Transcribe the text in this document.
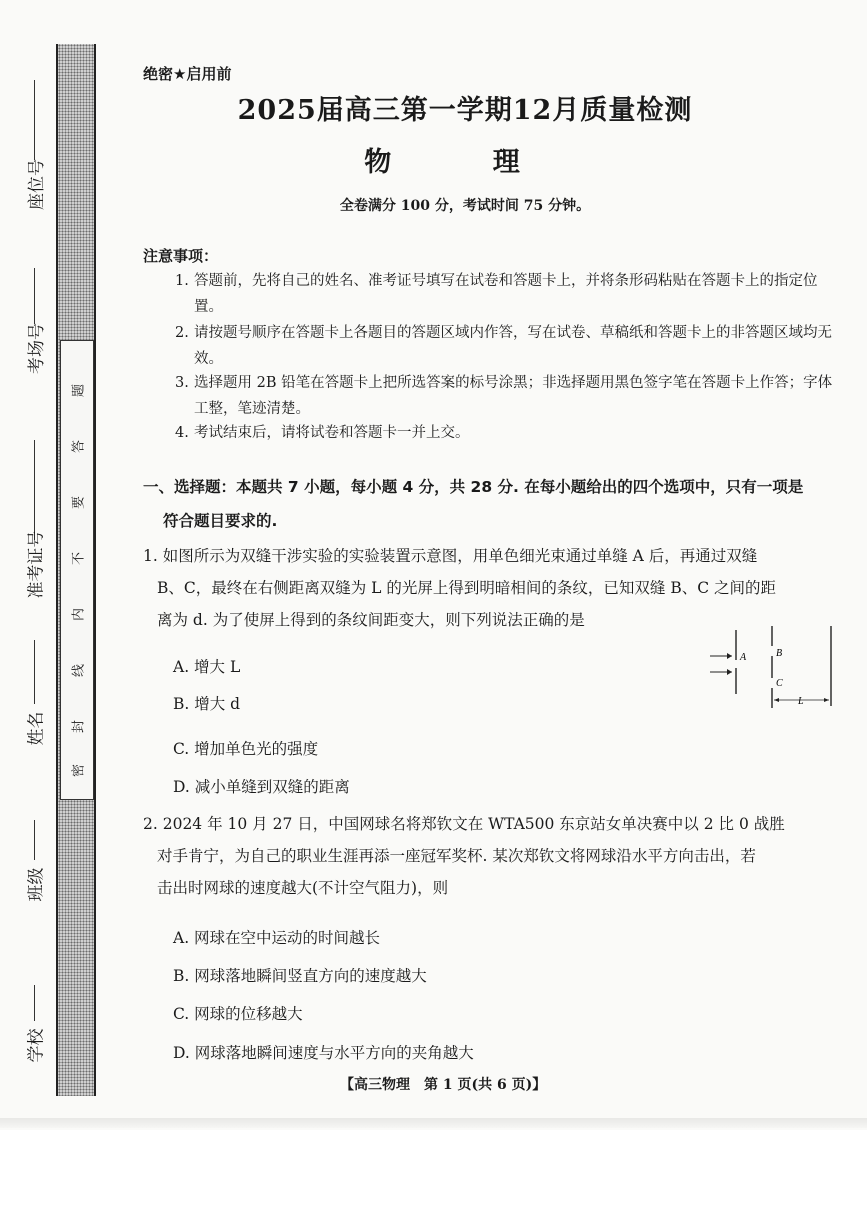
题
答
要
不
内
线
封
密
座位号
考场号
准考证号
姓名
班级
学校
绝密★启用前
2025届高三第一学期12月质量检测
物 理
全卷满分 100 分，考试时间 75 分钟。
注意事项：
1. 答题前，先将自己的姓名、准考证号填写在试卷和答题卡上，并将条形码粘贴在答题卡上的指定位置。
2. 请按题号顺序在答题卡上各题目的答题区域内作答，写在试卷、草稿纸和答题卡上的非答题区域均无效。
3. 选择题用 2B 铅笔在答题卡上把所选答案的标号涂黑；非选择题用黑色签字笔在答题卡上作答；字体工整，笔迹清楚。
4. 考试结束后，请将试卷和答题卡一并上交。
一、选择题：本题共 7 小题，每小题 4 分，共 28 分. 在每小题给出的四个选项中，只有一项是
符合题目要求的.
1. 如图所示为双缝干涉实验的实验装置示意图，用单色细光束通过单缝 A 后，再通过双缝
B、C，最终在右侧距离双缝为 L 的光屏上得到明暗相间的条纹，已知双缝 B、C 之间的距
离为 d. 为了使屏上得到的条纹间距变大，则下列说法正确的是
A. 增大 L
B. 增大 d
C. 增加单色光的强度
D. 减小单缝到双缝的距离
A	B
C
L
2. 2024 年 10 月 27 日，中国网球名将郑钦文在 WTA500 东京站女单决赛中以 2 比 0 战胜
对手肯宁，为自己的职业生涯再添一座冠军奖杯. 某次郑钦文将网球沿水平方向击出，若
击出时网球的速度越大(不计空气阻力)，则
A. 网球在空中运动的时间越长
B. 网球落地瞬间竖直方向的速度越大
C. 网球的位移越大
D. 网球落地瞬间速度与水平方向的夹角越大
【高三物理　第 1 页(共 6 页)】
